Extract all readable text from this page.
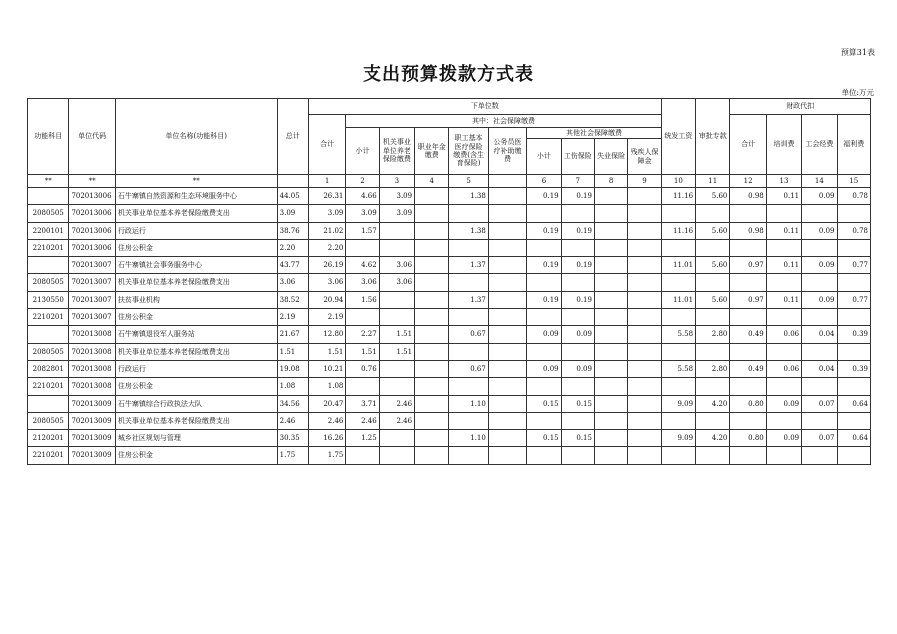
预算31表
支出预算拨款方式表
单位:万元
功能科目	单位代码	单位名称(功能科目)	总计	下单位数										统发工资	审批专款	财政代扣			
				合计	其中：社会保障缴费											合计	培训费	工会经费	福利费
					小计	机关事业单位养老保险缴费	职业年金缴费	职工基本医疗保险缴费(含生育保险)	公务员医疗补助缴费	其他社会保障缴费									
										小计	工伤保险	失业保险	残疾人保障金						
**	**	**		1	2	3	4	5		6	7	8	9	10	11	12	13	14	15
	702013006	石牛寨镇自然资源和生态环境服务中心	44.05	26.31	4.66	3.09		1.38		0.19	0.19			11.16	5.60	0.98	0.11	0.09	0.78
2080505	702013006	机关事业单位基本养老保险缴费支出	3.09	3.09	3.09	3.09													
2200101	702013006	行政运行	38.76	21.02	1.57			1.38		0.19	0.19			11.16	5.60	0.98	0.11	0.09	0.78
2210201	702013006	住房公积金	2.20	2.20															
	702013007	石牛寨镇社会事务服务中心	43.77	26.19	4.62	3.06		1.37		0.19	0.19			11.01	5.60	0.97	0.11	0.09	0.77
2080505	702013007	机关事业单位基本养老保险缴费支出	3.06	3.06	3.06	3.06													
2130550	702013007	扶贫事业机构	38.52	20.94	1.56			1.37		0.19	0.19			11.01	5.60	0.97	0.11	0.09	0.77
2210201	702013007	住房公积金	2.19	2.19															
	702013008	石牛寨镇退役军人服务站	21.67	12.80	2.27	1.51		0.67		0.09	0.09			5.58	2.80	0.49	0.06	0.04	0.39
2080505	702013008	机关事业单位基本养老保险缴费支出	1.51	1.51	1.51	1.51													
2082801	702013008	行政运行	19.08	10.21	0.76			0.67		0.09	0.09			5.58	2.80	0.49	0.06	0.04	0.39
2210201	702013008	住房公积金	1.08	1.08															
	702013009	石牛寨镇综合行政执法大队	34.56	20.47	3.71	2.46		1.10		0.15	0.15			9.09	4.20	0.80	0.09	0.07	0.64
2080505	702013009	机关事业单位基本养老保险缴费支出	2.46	2.46	2.46	2.46													
2120201	702013009	城乡社区规划与管理	30.35	16.26	1.25			1.10		0.15	0.15			9.09	4.20	0.80	0.09	0.07	0.64
2210201	702013009	住房公积金	1.75	1.75															
